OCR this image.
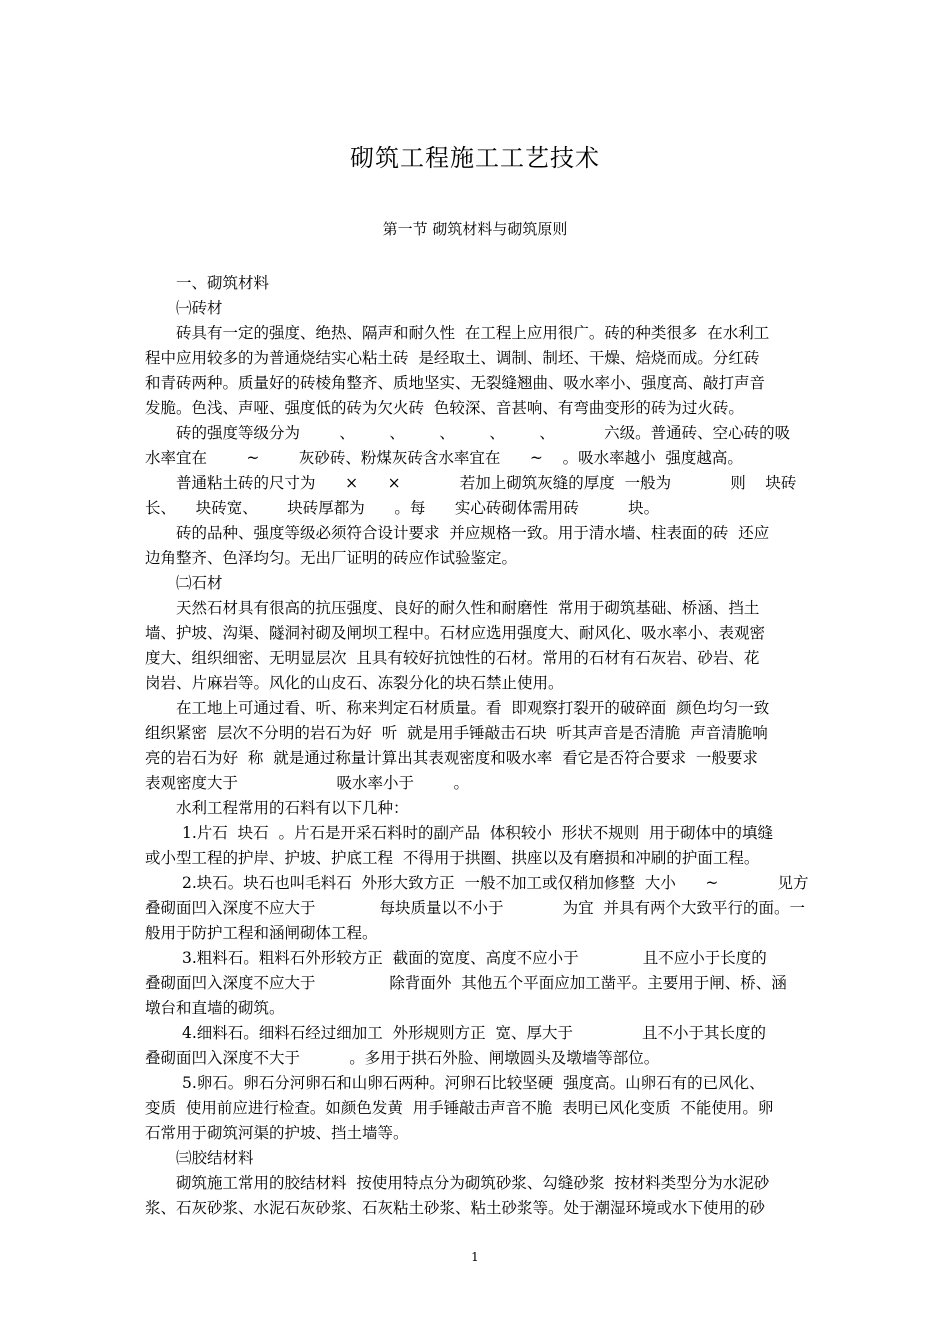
砌筑工程施工工艺技术
第一节 砌筑材料与砌筑原则
一、砌筑材料
㈠砖材
砖具有一定的强度、绝热、隔声和耐久性  在工程上应用很广。砖的种类很多  在水利工
程中应用较多的为普通烧结实心粘土砖  是经取土、调制、制坯、干燥、焙烧而成。分红砖
和青砖两种。质量好的砖棱角整齐、质地坚实、无裂缝翘曲、吸水率小、强度高、敲打声音
发脆。色浅、声哑、强度低的砖为欠火砖  色较深、音甚响、有弯曲变形的砖为过火砖。
砖的强度等级分为        、       、       、       、       、          六级。普通砖、空心砖的吸
水率宜在        ~        灰砂砖、粉煤灰砖含水率宜在      ~    。吸水率越小  强度越高。
普通粘土砖的尺寸为      ×      ×            若加上砌筑灰缝的厚度  一般为            则    块砖
长、    块砖宽、      块砖厚都为      。每      实心砖砌体需用砖          块。
砖的品种、强度等级必须符合设计要求  并应规格一致。用于清水墙、柱表面的砖  还应
边角整齐、色泽均匀。无出厂证明的砖应作试验鉴定。
㈡石材
天然石材具有很高的抗压强度、良好的耐久性和耐磨性  常用于砌筑基础、桥涵、挡土
墙、护坡、沟渠、隧洞衬砌及闸坝工程中。石材应选用强度大、耐风化、吸水率小、表观密
度大、组织细密、无明显层次  且具有较好抗蚀性的石材。常用的石材有石灰岩、砂岩、花
岗岩、片麻岩等。风化的山皮石、冻裂分化的块石禁止使用。
在工地上可通过看、听、称来判定石材质量。看  即观察打裂开的破碎面  颜色均匀一致
组织紧密  层次不分明的岩石为好  听  就是用手锤敲击石块  听其声音是否清脆  声音清脆响
亮的岩石为好  称  就是通过称量计算出其表观密度和吸水率  看它是否符合要求  一般要求
表观密度大于                    吸水率小于        。
水利工程常用的石料有以下几种：
1.片石  块石  。片石是开采石料时的副产品  体积较小  形状不规则  用于砌体中的填缝
或小型工程的护岸、护坡、护底工程  不得用于拱圈、拱座以及有磨损和冲刷的护面工程。
2.块石。块石也叫毛料石  外形大致方正  一般不加工或仅稍加修整  大小      ~            见方
叠砌面凹入深度不应大于             每块质量以不小于            为宜  并具有两个大致平行的面。一
般用于防护工程和涵闸砌体工程。
3.粗料石。粗料石外形较方正  截面的宽度、高度不应小于             且不应小于长度的
叠砌面凹入深度不应大于               除背面外  其他五个平面应加工凿平。主要用于闸、桥、涵
墩台和直墙的砌筑。
4.细料石。细料石经过细加工  外形规则方正  宽、厚大于              且不小于其长度的
叠砌面凹入深度不大于          。多用于拱石外脸、闸墩圆头及墩墙等部位。
5.卵石。卵石分河卵石和山卵石两种。河卵石比较坚硬  强度高。山卵石有的已风化、
变质  使用前应进行检查。如颜色发黄  用手锤敲击声音不脆  表明已风化变质  不能使用。卵
石常用于砌筑河渠的护坡、挡土墙等。
㈢胶结材料
砌筑施工常用的胶结材料  按使用特点分为砌筑砂浆、勾缝砂浆  按材料类型分为水泥砂
浆、石灰砂浆、水泥石灰砂浆、石灰粘土砂浆、粘土砂浆等。处于潮湿环境或水下使用的砂
1
